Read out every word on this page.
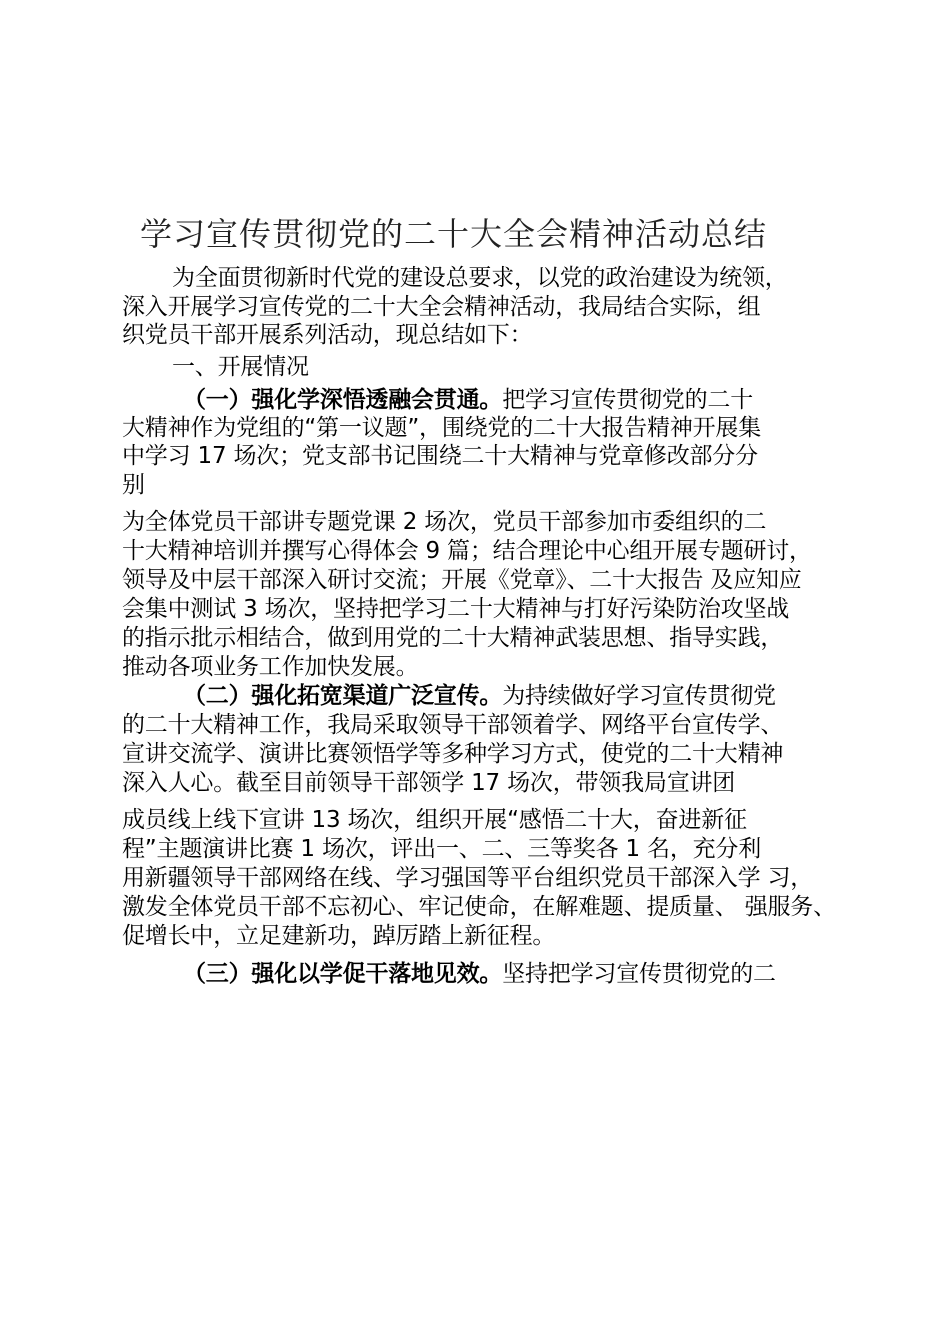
学习宣传贯彻党的二十大全会精神活动总结
为全面贯彻新时代党的建设总要求，以党的政治建设为统领，
深入开展学习宣传党的二十大全会精神活动，我局结合实际，组
织党员干部开展系列活动，现总结如下：
一、开展情况
（一）强化学深悟透融会贯通。把学习宣传贯彻党的二十
大精神作为党组的“第一议题”，围绕党的二十大报告精神开展集
中学习 17 场次；党支部书记围绕二十大精神与党章修改部分分
别
为全体党员干部讲专题党课 2 场次，党员干部参加市委组织的二
十大精神培训并撰写心得体会 9 篇；结合理论中心组开展专题研讨，
领导及中层干部深入研讨交流；开展《党章》、二十大报告 及应知应
会集中测试 3 场次，坚持把学习二十大精神与打好污染防治攻坚战
的指示批示相结合，做到用党的二十大精神武装思想、指导实践，
推动各项业务工作加快发展。
（二）强化拓宽渠道广泛宣传。为持续做好学习宣传贯彻党
的二十大精神工作，我局采取领导干部领着学、网络平台宣传学、
宣讲交流学、演讲比赛领悟学等多种学习方式，使党的二十大精神
深入人心。截至目前领导干部领学 17 场次，带领我局宣讲团
成员线上线下宣讲 13 场次，组织开展“感悟二十大，奋进新征
程”主题演讲比赛 1 场次，评出一、二、三等奖各 1 名，充分利
用新疆领导干部网络在线、学习强国等平台组织党员干部深入学 习，
激发全体党员干部不忘初心、牢记使命，在解难题、提质量、 强服务、
促增长中，立足建新功，踔厉踏上新征程。
（三）强化以学促干落地见效。坚持把学习宣传贯彻党的二
